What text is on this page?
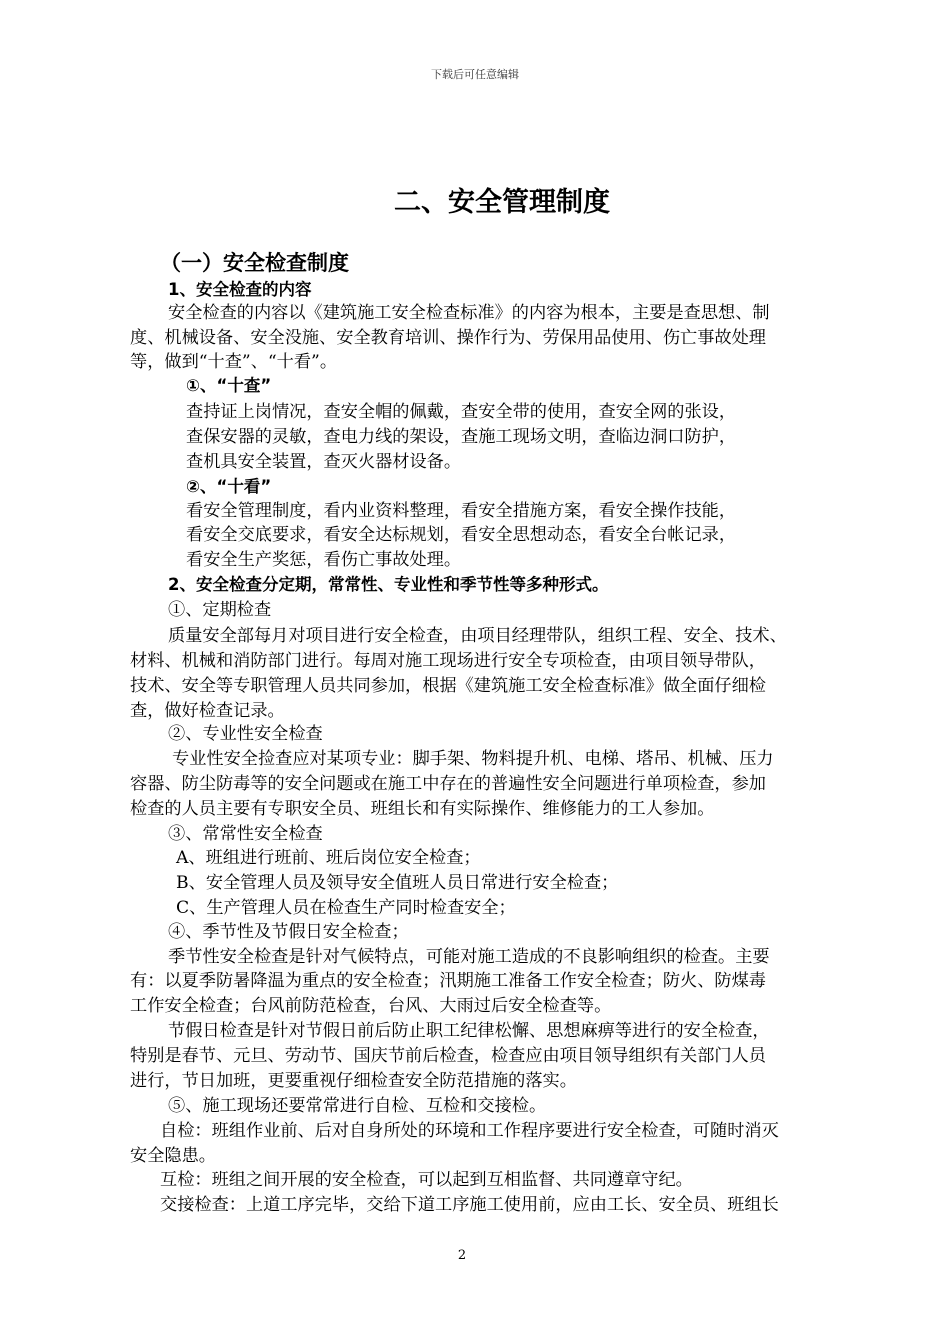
下载后可任意编辑
二、安全管理制度
（一）安全检查制度
1、安全检查的内容
安全检查的内容以《建筑施工安全检查标准》的内容为根本，主要是查思想、制
度、机械设备、安全没施、安全教育培训、操作行为、劳保用品使用、伤亡事故处理
等，做到“十查”、“十看”。
①、“十查”
查持证上岗情况，查安全帽的佩戴，查安全带的使用，查安全网的张设，
查保安器的灵敏，查电力线的架设，查施工现场文明，查临边洞口防护，
查机具安全装置，查灭火器材设备。
②、“十看”
看安全管理制度，看内业资料整理，看安全措施方案，看安全操作技能，
看安全交底要求，看安全达标规划，看安全思想动态，看安全台帐记录，
看安全生产奖惩，看伤亡事故处理。
2、安全检查分定期，常常性、专业性和季节性等多种形式。
①、定期检查
质量安全部每月对项目进行安全检查，由项目经理带队，组织工程、安全、技术、
材料、机械和消防部门进行。每周对施工现场进行安全专项检查，由项目领导带队，
技术、安全等专职管理人员共同参加，根据《建筑施工安全检查标准》做全面仔细检
查，做好检查记录。
②、专业性安全检查
专业性安全捡查应对某项专业：脚手架、物料提升机、电梯、塔吊、机械、压力
容器、防尘防毒等的安全问题或在施工中存在的普遍性安全问题进行单项检查，参加
检查的人员主要有专职安全员、班组长和有实际操作、维修能力的工人参加。
③、常常性安全检查
A、班组进行班前、班后岗位安全检查；
B、安全管理人员及领导安全值班人员日常进行安全检查；
C、生产管理人员在检查生产同时检查安全；
④、季节性及节假日安全检查；
季节性安全检查是针对气候特点，可能对施工造成的不良影响组织的检查。主要
有：以夏季防暑降温为重点的安全检查；汛期施工准备工作安全检查；防火、防煤毒
工作安全检查；台风前防范检查，台风、大雨过后安全检查等。
节假日检查是针对节假日前后防止职工纪律松懈、思想麻痹等进行的安全检查，
特别是春节、元旦、劳动节、国庆节前后检查，检查应由项目领导组织有关部门人员
进行，节日加班，更要重视仔细检查安全防范措施的落实。
⑤、施工现场还要常常进行自检、互检和交接检。
自检：班组作业前、后对自身所处的环境和工作程序要进行安全检查，可随时消灭
安全隐患。
互检：班组之间开展的安全检查，可以起到互相监督、共同遵章守纪。
交接检查：上道工序完毕，交给下道工序施工使用前，应由工长、安全员、班组长
2
